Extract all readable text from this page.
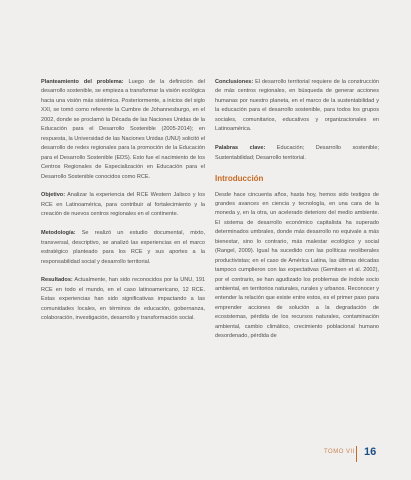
Planteamiento del problema: Luego de la definición del desarrollo sostenible, se empieza a transformar la visión ecológica hacia una visión más sistémica. Posteriormente, a inicios del siglo XXI, se tomó como referente la Cumbre de Johannesburgo, en el 2002, donde se proclamó la Década de las Naciones Unidas de la Educación para el Desarrollo Sostenible (2005-2014); en respuesta, la Universidad de las Naciones Unidas (UNU) solicitó el desarrollo de redes regionales para la promoción de la Educación para el Desarrollo Sostenible (EDS). Esto fue el nacimiento de los Centros Regionales de Especialización en Educación para el Desarrollo Sostenible conocidos como RCE.

Objetivo: Analizar la experiencia del RCE Western Jalisco y los RCE en Latinoamérica, para contribuir al fortalecimiento y la creación de nuevos centros regionales en el continente.

Metodología: Se realizó un estudio documental, mixto, transversal, descriptivo, se analizó las experiencias en el marco estratégico planteado para los RCE y sus aportes a la responsabilidad social y desarrollo territorial.

Resultados: Actualmente, han sido reconocidos por la UNU, 191 RCE en todo el mundo, en el caso latinoamericano, 12 RCE. Estas experiencias han sido significativas impactando a las comunidades locales, en términos de educación, gobernanza, colaboración, investigación, desarrollo y transformación social.

Conclusiones: El desarrollo territorial requiere de la construcción de más centros regionales, en búsqueda de generar acciones humanas por nuestro planeta, en el marco de la sustentabilidad y la educación para el desarrollo sostenible, para todos los grupos sociales, comunitarios, educativos y organizacionales en Latinoamérica.

Palabras clave: Educación; Desarrollo sostenible; Sustentabilidad; Desarrollo territorial.

Introducción

Desde hace cincuenta años, hasta hoy, hemos sido testigos de grandes avances en ciencia y tecnología, en una cara de la moneda y, en la otra, un acelerado deterioro del medio ambiente. El sistema de desarrollo económico capitalista ha superado determinados umbrales, donde más desarrollo no equivale a más bienestar, sino lo contrario, más malestar ecológico y social (Rangel, 2009). Igual ha sucedido con las políticas neoliberales productivistas; en el caso de América Latina, las últimas décadas tampoco cumplieron con las expectativas (Gemitsen et al. 2002), por el contrario, se han agudizado los problemas de índole socio ambiental, en territorios naturales, rurales y urbanos. Reconocer y entender la relación que existe entre estos, es el primer paso para emprender acciones de solución a la degradación de ecosistemas, pérdida de los recursos naturales, contaminación ambiental, cambio climático, crecimiento poblacional humano desordenado, pérdida de

TOMO VII 16
